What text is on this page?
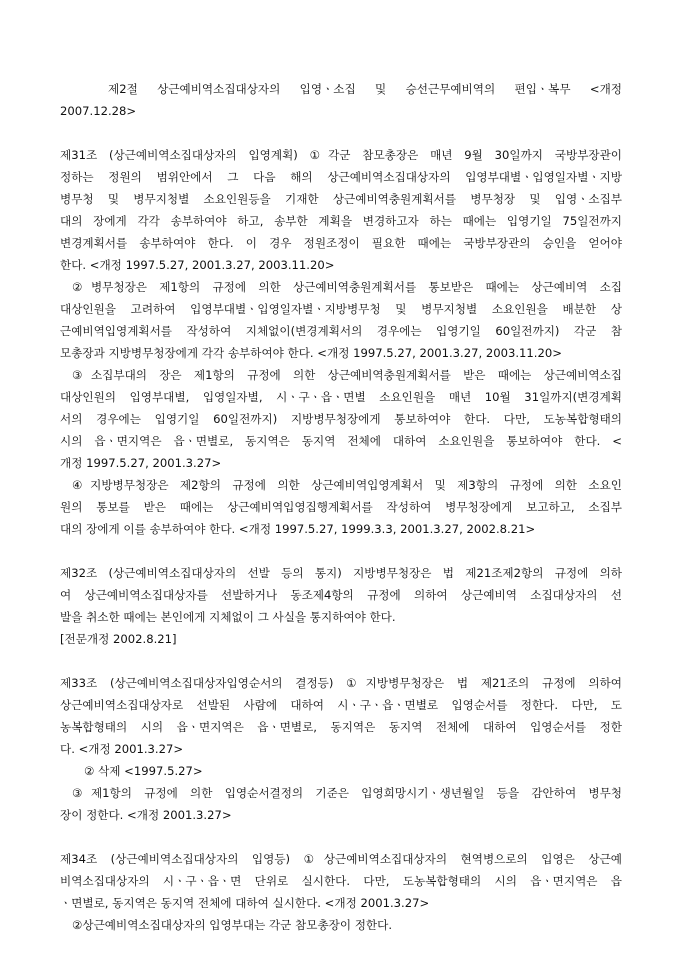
제2절 상근예비역소집대상자의 입영ㆍ소집 및 승선근무예비역의 편입ㆍ복무 <개정
2007.12.28>
제31조 (상근예비역소집대상자의 입영계획) ①각군 참모총장은 매년 9월 30일까지 국방부장관이
정하는 정원의 범위안에서 그 다음 해의 상근예비역소집대상자의 입영부대별ㆍ입영일자별ㆍ지방
병무청 및 병무지청별 소요인원등을 기재한 상근예비역충원계획서를 병무청장 및 입영ㆍ소집부
대의 장에게 각각 송부하여야 하고, 송부한 계획을 변경하고자 하는 때에는 입영기일 75일전까지
변경계획서를 송부하여야 한다. 이 경우 정원조정이 필요한 때에는 국방부장관의 승인을 얻어야
한다. <개정 1997.5.27, 2001.3.27, 2003.11.20>
②병무청장은 제1항의 규정에 의한 상근예비역충원계획서를 통보받은 때에는 상근예비역 소집
대상인원을 고려하여 입영부대별ㆍ입영일자별ㆍ지방병무청 및 병무지청별 소요인원을 배분한 상
근예비역입영계획서를 작성하여 지체없이(변경계획서의 경우에는 입영기일 60일전까지) 각군 참
모총장과 지방병무청장에게 각각 송부하여야 한다. <개정 1997.5.27, 2001.3.27, 2003.11.20>
③소집부대의 장은 제1항의 규정에 의한 상근예비역충원계획서를 받은 때에는 상근예비역소집
대상인원의 입영부대별, 입영일자별, 시ㆍ구ㆍ읍ㆍ면별 소요인원을 매년 10월 31일까지(변경계획
서의 경우에는 입영기일 60일전까지) 지방병무청장에게 통보하여야 한다. 다만, 도농복합형태의
시의 읍ㆍ면지역은 읍ㆍ면별로, 동지역은 동지역 전체에 대하여 소요인원을 통보하여야 한다. <
개정 1997.5.27, 2001.3.27>
④지방병무청장은 제2항의 규정에 의한 상근예비역입영계획서 및 제3항의 규정에 의한 소요인
원의 통보를 받은 때에는 상근예비역입영집행계획서를 작성하여 병무청장에게 보고하고, 소집부
대의 장에게 이를 송부하여야 한다. <개정 1997.5.27, 1999.3.3, 2001.3.27, 2002.8.21>
제32조 (상근예비역소집대상자의 선발 등의 통지) 지방병무청장은 법 제21조제2항의 규정에 의하
여 상근예비역소집대상자를 선발하거나 동조제4항의 규정에 의하여 상근예비역 소집대상자의 선
발을 취소한 때에는 본인에게 지체없이 그 사실을 통지하여야 한다.
[전문개정 2002.8.21]
제33조 (상근예비역소집대상자입영순서의 결정등) ①지방병무청장은 법 제21조의 규정에 의하여
상근예비역소집대상자로 선발된 사람에 대하여 시ㆍ구ㆍ읍ㆍ면별로 입영순서를 정한다. 다만, 도
농복합형태의 시의 읍ㆍ면지역은 읍ㆍ면별로, 동지역은 동지역 전체에 대하여 입영순서를 정한
다. <개정 2001.3.27>
② 삭제 <1997.5.27>
③제1항의 규정에 의한 입영순서결정의 기준은 입영희망시기ㆍ생년월일 등을 감안하여 병무청
장이 정한다. <개정 2001.3.27>
제34조 (상근예비역소집대상자의 입영등) ①상근예비역소집대상자의 현역병으로의 입영은 상근예
비역소집대상자의 시ㆍ구ㆍ읍ㆍ면 단위로 실시한다. 다만, 도농복합형태의 시의 읍ㆍ면지역은 읍
ㆍ면별로, 동지역은 동지역 전체에 대하여 실시한다. <개정 2001.3.27>
②상근예비역소집대상자의 입영부대는 각군 참모총장이 정한다.
